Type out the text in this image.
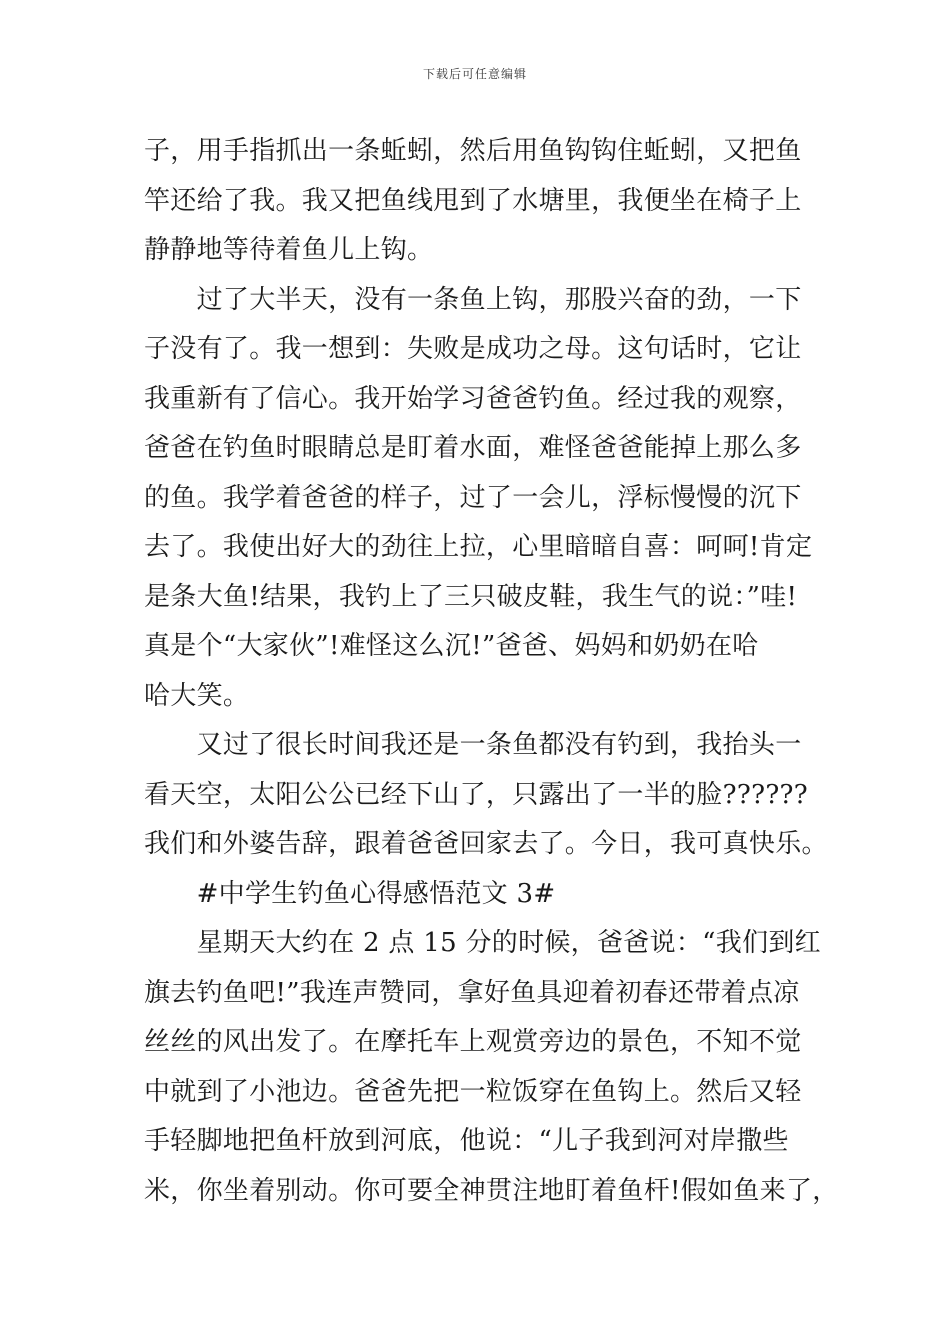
下载后可任意编辑
子，用手指抓出一条蚯蚓，然后用鱼钩钩住蚯蚓，又把鱼
竿还给了我。我又把鱼线甩到了水塘里，我便坐在椅子上
静静地等待着鱼儿上钩。
　　过了大半天，没有一条鱼上钩，那股兴奋的劲，一下
子没有了。我一想到：失败是成功之母。这句话时，它让
我重新有了信心。我开始学习爸爸钓鱼。经过我的观察，
爸爸在钓鱼时眼睛总是盯着水面，难怪爸爸能掉上那么多
的鱼。我学着爸爸的样子，过了一会儿，浮标慢慢的沉下
去了。我使出好大的劲往上拉，心里暗暗自喜：呵呵!肯定
是条大鱼!结果，我钓上了三只破皮鞋，我生气的说：”哇!
真是个“大家伙”!难怪这么沉!”爸爸、妈妈和奶奶在哈
哈大笑。
　　又过了很长时间我还是一条鱼都没有钓到，我抬头一
看天空，太阳公公已经下山了，只露出了一半的脸??????
我们和外婆告辞，跟着爸爸回家去了。今日，我可真快乐。
　　#中学生钓鱼心得感悟范文 3#
　　星期天大约在 2 点 15 分的时候，爸爸说：“我们到红
旗去钓鱼吧!”我连声赞同，拿好鱼具迎着初春还带着点凉
丝丝的风出发了。在摩托车上观赏旁边的景色，不知不觉
中就到了小池边。爸爸先把一粒饭穿在鱼钩上。然后又轻
手轻脚地把鱼杆放到河底，他说：“儿子我到河对岸撒些
米，你坐着别动。你可要全神贯注地盯着鱼杆!假如鱼来了，
